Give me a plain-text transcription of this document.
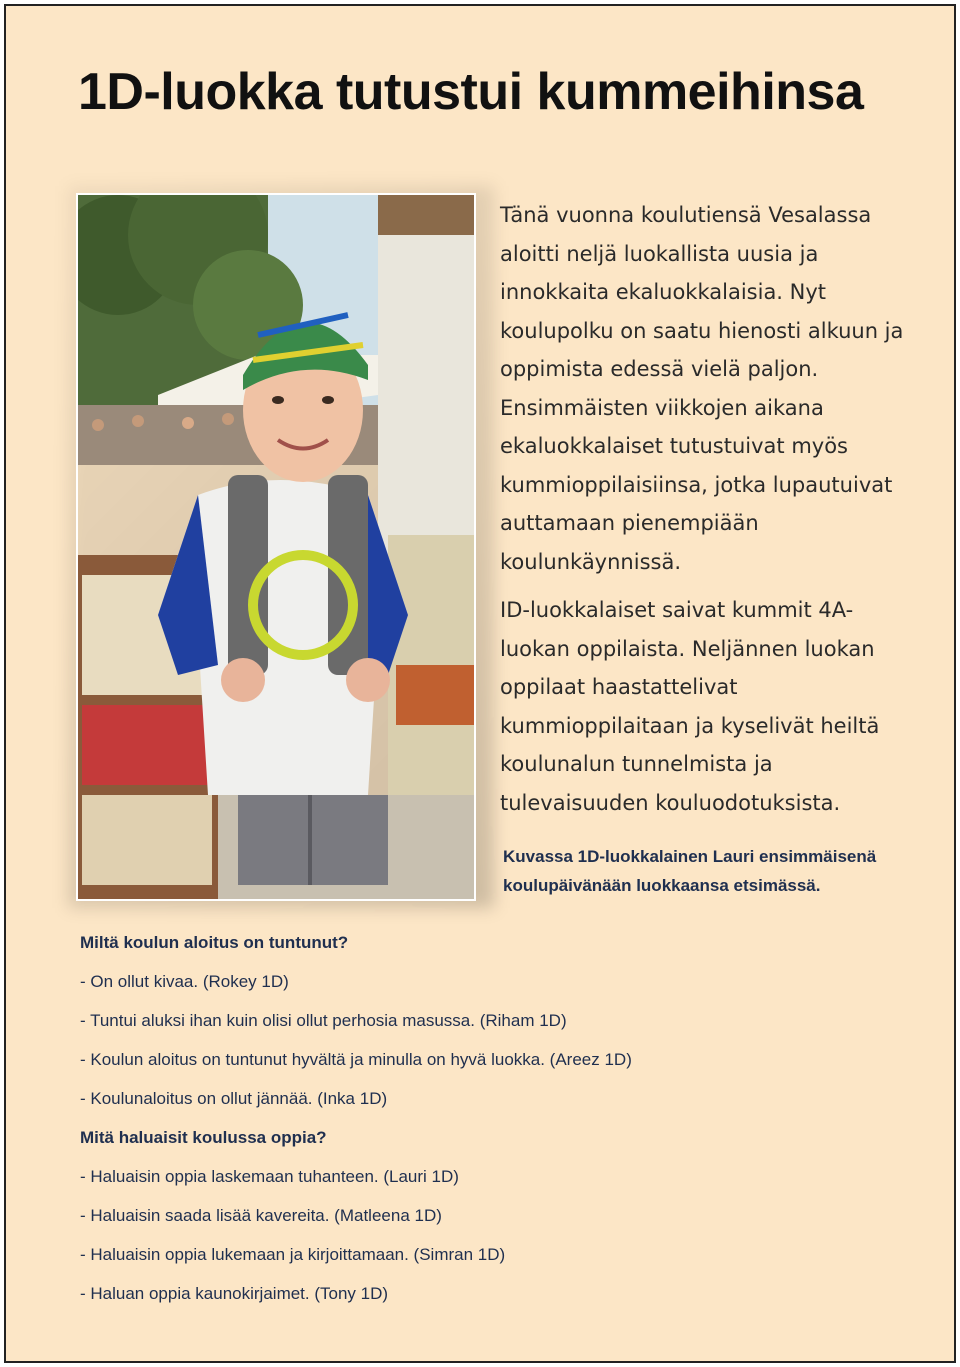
1D-luokka tutustui kummeihinsa

Tänä vuonna koulutiensä Vesalassa aloitti neljä luokallista uusia ja innokkaita ekaluokkalaisia. Nyt koulupolku on saatu hienosti alkuun ja oppimista edessä vielä paljon. Ensimmäisten viikkojen aikana ekaluokkalaiset tutustuivat myös kummioppilaisiinsa, jotka lupautuivat auttamaan pienempiään koulunkäynnissä.

ID-luokkalaiset saivat kummit 4A-luokan oppilaista. Neljännen luokan oppilaat haastattelivat kummioppilaitaan ja kyselivät heiltä koulunalun tunnelmista ja tulevaisuuden kouluodotuksista.

Kuvassa 1D-luokkalainen Lauri ensimmäisenä koulupäivänään luokkaansa etsimässä.
Miltä koulun aloitus on tuntunut?
- On ollut kivaa. (Rokey 1D)
- Tuntui aluksi ihan kuin olisi ollut perhosia masussa. (Riham 1D)
- Koulun aloitus on tuntunut hyvältä ja minulla on hyvä luokka. (Areez 1D)
- Koulunaloitus on ollut jännää. (Inka 1D)
Mitä haluaisit koulussa oppia?
- Haluaisin oppia laskemaan tuhanteen. (Lauri 1D)
- Haluaisin saada lisää kavereita. (Matleena 1D)
- Haluaisin oppia lukemaan ja kirjoittamaan. (Simran 1D)
- Haluan oppia kaunokirjaimet. (Tony 1D)
